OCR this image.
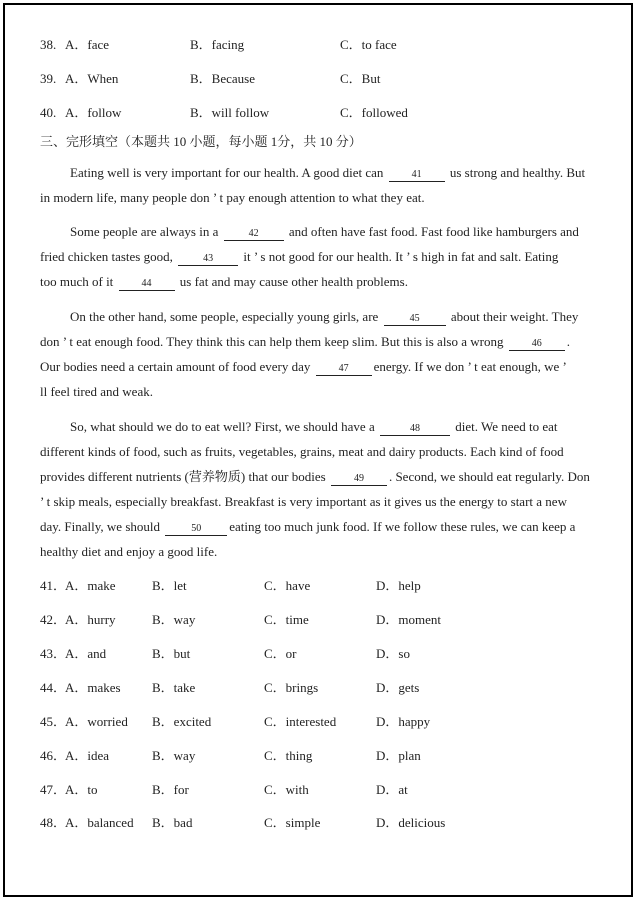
38. A．face	B．facing	C．to face
39. A．When	B．Because	C．But
40. A．follow	B．will follow	C．followed
三、完形填空（本题共 10 小题，每小题 1分，共 10 分）
Eating well is very important for our health. A good diet can	41 us strong and healthy. But
in modern life, many people don ’ t pay enough attention to what they eat.
Some people are always in a	42 and often have fast food. Fast food like hamburgers and
fried chicken tastes good,	43 it ’ s not good for our health. It ’ s high in fat and salt. Eating
too much of it	44 us fat and may cause other health problems.
On the other hand, some people, especially young girls, are	45 about their weight. They
don ’ t eat enough food. They think this can help them keep slim. But this is also a wrong	46 .
Our bodies need a certain amount of food every day	47 energy. If we don ’ t eat enough, we ’
ll feel tired and weak.
So, what should we do to eat well? First, we should have a	48	diet. We need to eat
different kinds of food, such as fruits, vegetables, grains, meat and dairy products. Each kind of food
provides different nutrients (营养物质) that our bodies	49 . Second, we should eat regularly. Don
’ t skip meals, especially breakfast. Breakfast is very important as it gives us the energy to start a new
day. Finally, we should	50 eating too much junk food. If we follow these rules, we can keep a
healthy diet and enjoy a good life.
41．
A．make	B．let	C．have	D．help
42．
A．hurry	B．way	C．time	D．moment
43．
A．and	B．but	C．or	D．so
44．
A．makes B．take	C．brings	D．gets
45．
A．worried B．excited	C．interested	D．happy
46．
A．idea	B．way	C．thing	D．plan
47．
A．to	B．for	C．with	D．at
48．
A．balanced B．bad	C．simple	D．delicious
